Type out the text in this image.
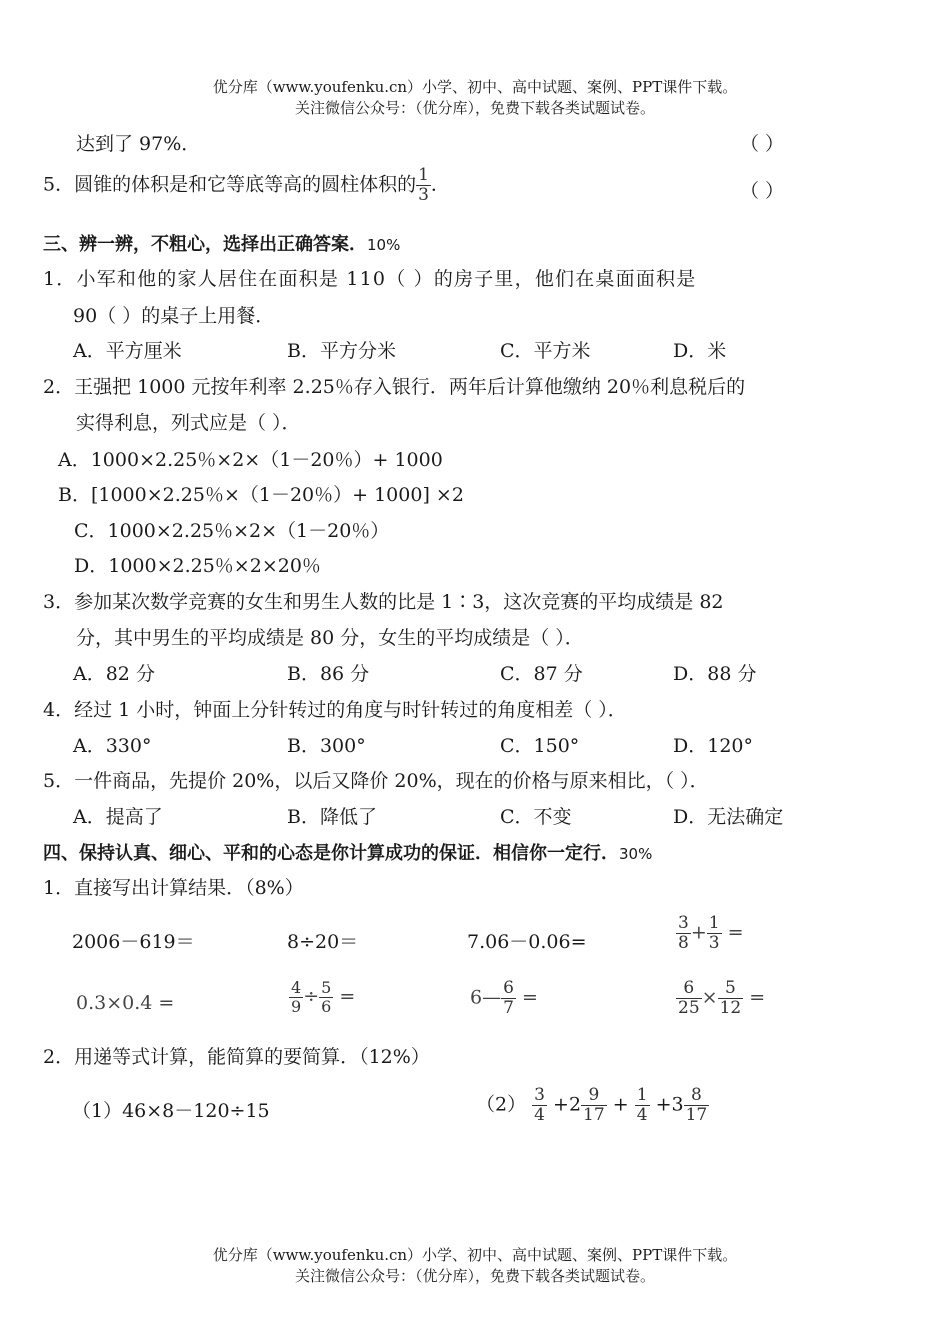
优分库（www.youfenku.cn）小学、初中、高中试题、案例、PPT课件下载。
关注微信公众号：（优分库），免费下载各类试题试卷。
达到了 97%．	（ ）
5．圆锥的体积是和它等底等高的圆柱体积的 $\frac{1}{3}$ ．	（ ）
三、辨一辨，不粗心，选择出正确答案．10%
1．小军和他的家人居住在面积是 110（ ）的房子里，他们在桌面面积是
90（ ）的桌子上用餐．
A．平方厘米	B．平方分米	C．平方米	D．米
2．王强把 1000 元按年利率 2.25％存入银行．两年后计算他缴纳 20％利息税后的
实得利息，列式应是（ ）．
A．1000×2.25％×2×（1－20％）+ 1000
B．[1000×2.25％×（1－20％）+ 1000] ×2
C．1000×2.25％×2×（1－20％）
D．1000×2.25％×2×20％
3．参加某次数学竞赛的女生和男生人数的比是 1∶3，这次竞赛的平均成绩是 82
分，其中男生的平均成绩是 80 分，女生的平均成绩是（ ）．
A．82 分	B．86 分	C．87 分	D．88 分
4．经过 1 小时，钟面上分针转过的角度与时针转过的角度相差（ ）．
A．330°	B．300°	C．150°	D．120°
5．一件商品，先提价 20%，以后又降价 20%，现在的价格与原来相比，（ ）．
A．提高了	B．降低了	C．不变	D．无法确定
四、保持认真、细心、平和的心态是你计算成功的保证．相信你一定行．30%
1．直接写出计算结果．（8%）
2006－619＝	8÷20＝	7.06－0.06=	$\frac{3}{8} + \frac{1}{3}$ =
0.3×0.4 =	$\frac{4}{9} \div \frac{5}{6}$ =	6— $\frac{6}{7}$ =	$\frac{6}{25} \times \frac{5}{12}$ =
2．用递等式计算，能简算的要简算．（12%）
（1）46×8－120÷15	$(2) \frac{3}{4} +2 \frac{9}{17} + \frac{1}{4} +3 \frac{8}{17}$
优分库（www.youfenku.cn）小学、初中、高中试题、案例、PPT课件下载。
关注微信公众号：（优分库），免费下载各类试题试卷。
